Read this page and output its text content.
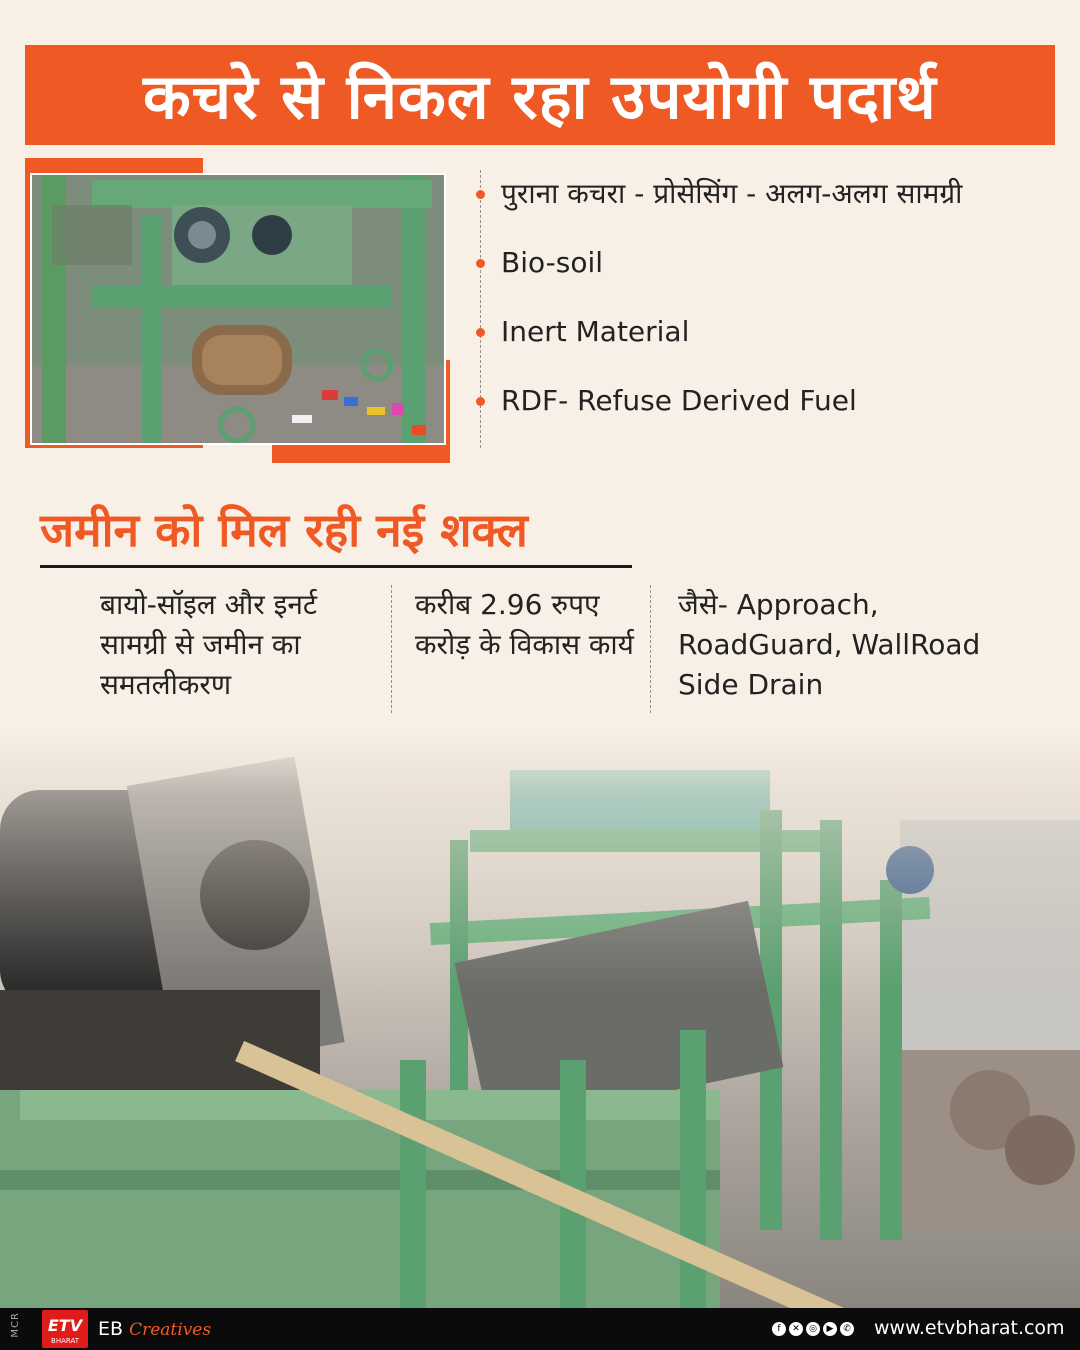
कचरे से निकल रहा उपयोगी पदार्थ
पुराना कचरा - प्रोसेसिंग - अलग-अलग सामग्री
Bio-soil
Inert Material
RDF- Refuse Derived Fuel
जमीन को मिल रही नई शक्ल
बायो-सॉइल और इनर्ट सामग्री से जमीन का समतलीकरण
करीब 2.96 रुपए करोड़ के विकास कार्य
जैसे- Approach, RoadGuard, WallRoad Side Drain
MCR	ETV
BHARAT
EB Creatives	f	✕	◎	▶	✆ www.etvbharat.com
